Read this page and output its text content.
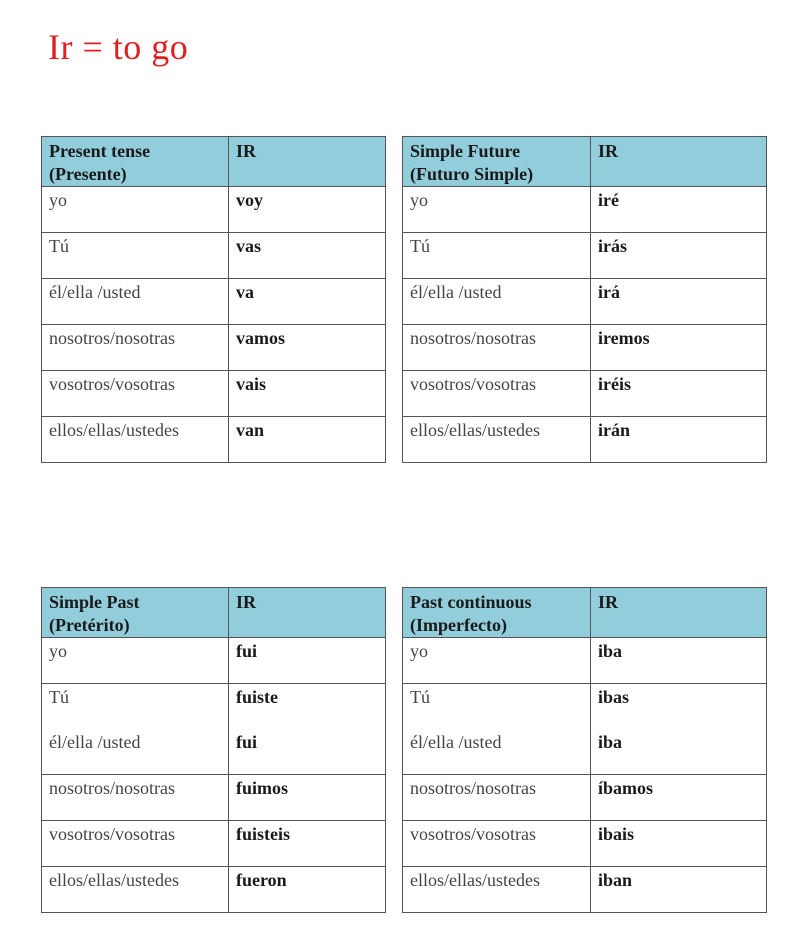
Ir = to go
Present tense
(Presente)	IR
yo	voy
Tú	vas
él/ella /usted	va
nosotros/nosotras	vamos
vosotros/vosotras	vais
ellos/ellas/ustedes	van
Simple Future
(Futuro Simple)	IR
yo	iré
Tú	irás
él/ella /usted	irá
nosotros/nosotras	iremos
vosotros/vosotras	iréis
ellos/ellas/ustedes	irán
Simple Past
(Pretérito)	IR
yo	fui
Tú	fuiste
él/ella /usted	fui
nosotros/nosotras	fuimos
vosotros/vosotras	fuisteis
ellos/ellas/ustedes	fueron
Past continuous
(Imperfecto)	IR
yo	iba
Tú	ibas
él/ella /usted	iba
nosotros/nosotras	íbamos
vosotros/vosotras	ibais
ellos/ellas/ustedes	iban
